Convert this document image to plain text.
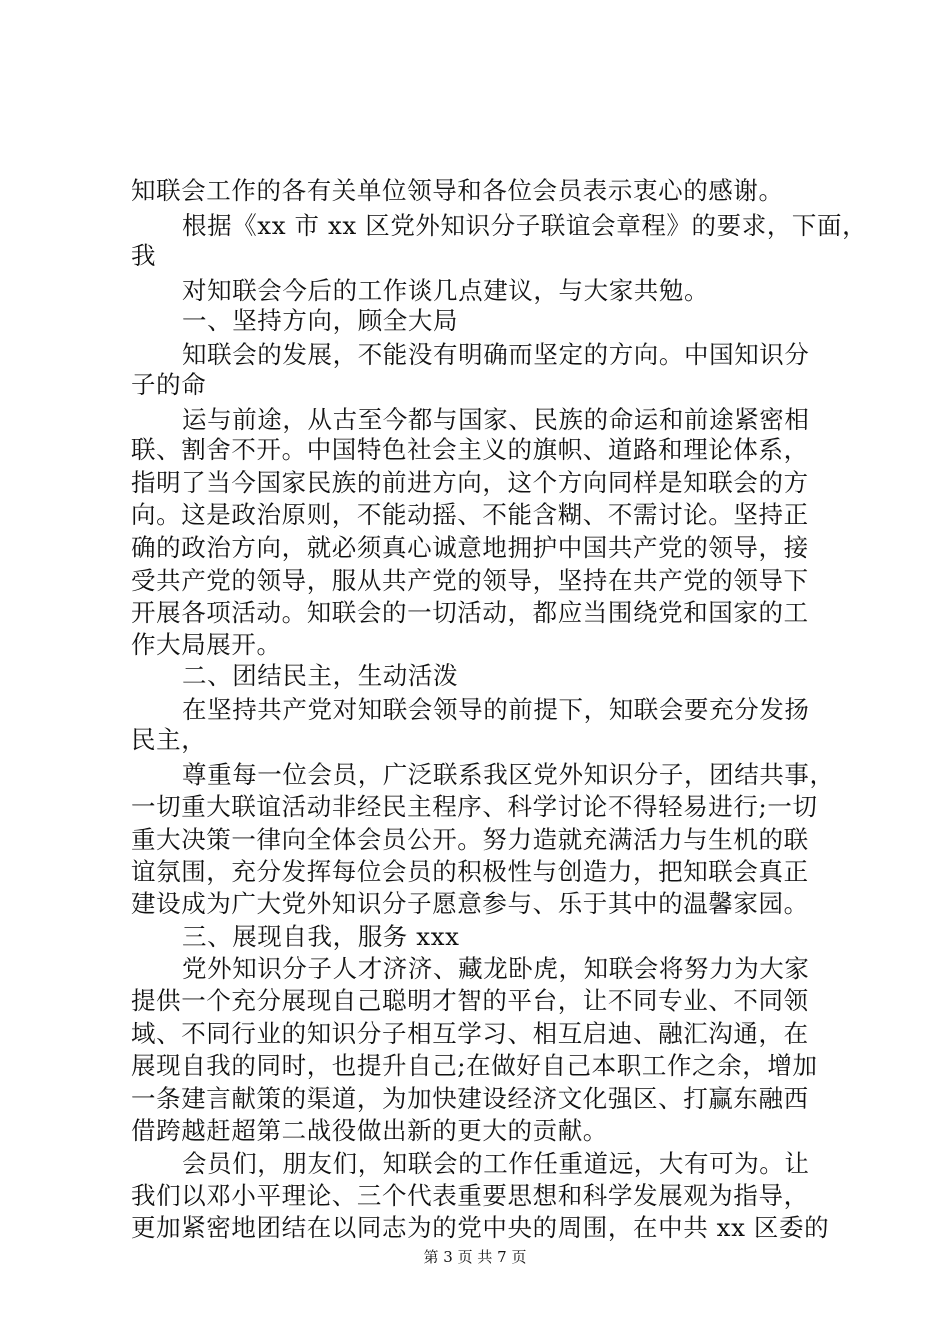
知联会工作的各有关单位领导和各位会员表示衷心的感谢。
根据《xx 市 xx 区党外知识分子联谊会章程》的要求，下面，
我
对知联会今后的工作谈几点建议，与大家共勉。
一、坚持方向，顾全大局
知联会的发展，不能没有明确而坚定的方向。中国知识分
子的命
运与前途，从古至今都与国家、民族的命运和前途紧密相
联、割舍不开。中国特色社会主义的旗帜、道路和理论体系，
指明了当今国家民族的前进方向，这个方向同样是知联会的方
向。这是政治原则，不能动摇、不能含糊、不需讨论。坚持正
确的政治方向，就必须真心诚意地拥护中国共产党的领导，接
受共产党的领导，服从共产党的领导，坚持在共产党的领导下
开展各项活动。知联会的一切活动，都应当围绕党和国家的工
作大局展开。
二、团结民主，生动活泼
在坚持共产党对知联会领导的前提下，知联会要充分发扬
民主，
尊重每一位会员，广泛联系我区党外知识分子，团结共事，
一切重大联谊活动非经民主程序、科学讨论不得轻易进行;一切
重大决策一律向全体会员公开。努力造就充满活力与生机的联
谊氛围，充分发挥每位会员的积极性与创造力，把知联会真正
建设成为广大党外知识分子愿意参与、乐于其中的温馨家园。
三、展现自我，服务 xxx
党外知识分子人才济济、藏龙卧虎，知联会将努力为大家
提供一个充分展现自己聪明才智的平台，让不同专业、不同领
域、不同行业的知识分子相互学习、相互启迪、融汇沟通，在
展现自我的同时，也提升自己;在做好自己本职工作之余，增加
一条建言献策的渠道，为加快建设经济文化强区、打赢东融西
借跨越赶超第二战役做出新的更大的贡献。
会员们，朋友们，知联会的工作任重道远，大有可为。让
我们以邓小平理论、三个代表重要思想和科学发展观为指导，
更加紧密地团结在以同志为的党中央的周围，在中共 xx 区委的
第 3 页 共 7 页
